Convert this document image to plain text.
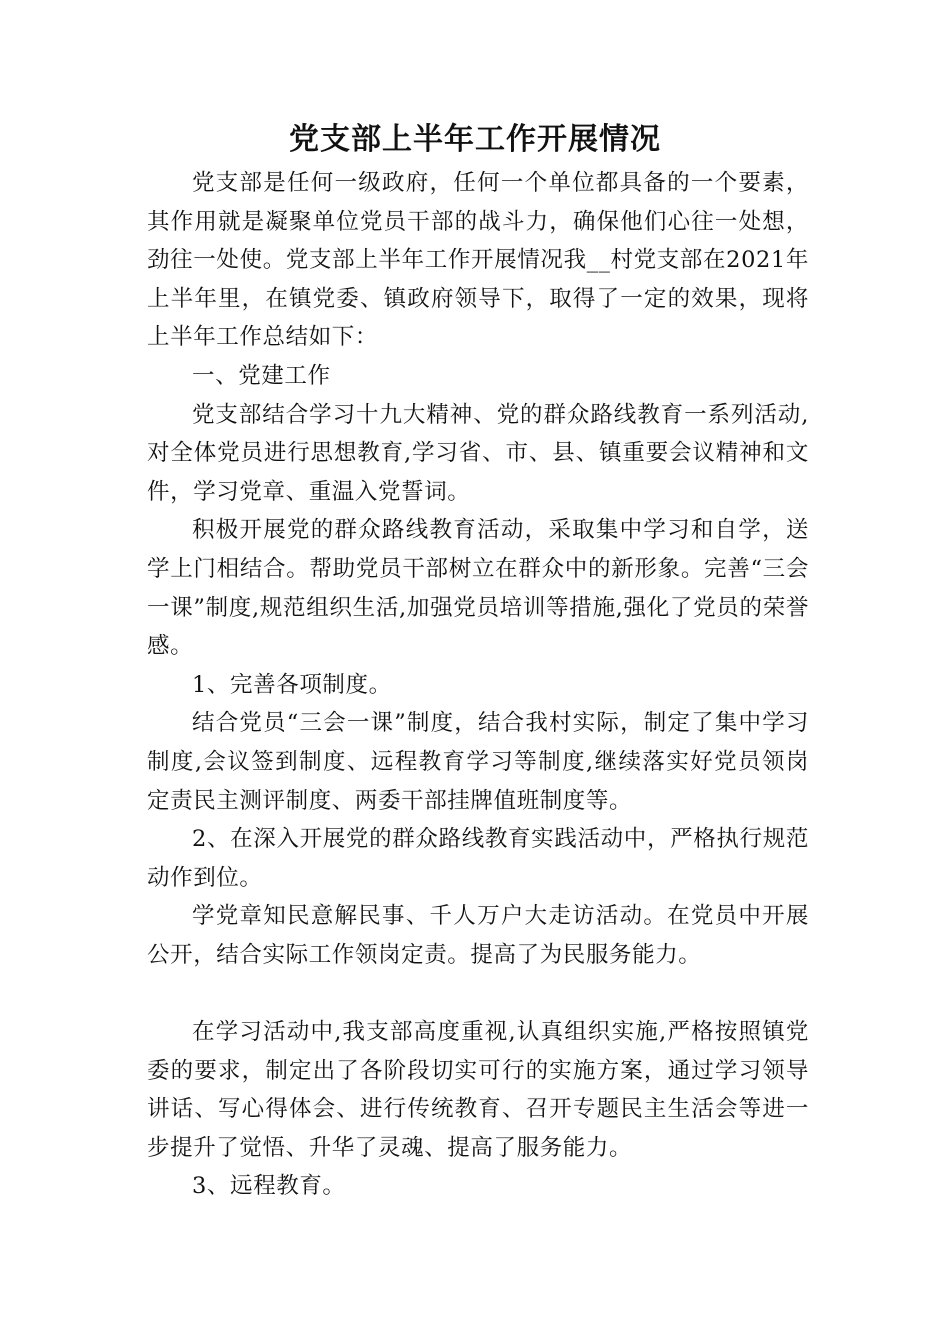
党支部上半年工作开展情况

党支部是任何一级政府，任何一个单位都具备的一个要素，其作用就是凝聚单位党员干部的战斗力，确保他们心往一处想，劲往一处使。党支部上半年工作开展情况我__村党支部在2021年上半年里，在镇党委、镇政府领导下，取得了一定的效果，现将上半年工作总结如下：

一、党建工作

党支部结合学习十九大精神、党的群众路线教育一系列活动,对全体党员进行思想教育,学习省、市、县、镇重要会议精神和文件，学习党章、重温入党誓词。

积极开展党的群众路线教育活动，采取集中学习和自学，送学上门相结合。帮助党员干部树立在群众中的新形象。完善“三会一课”制度,规范组织生活,加强党员培训等措施,强化了党员的荣誉感。

1、完善各项制度。

结合党员“三会一课”制度，结合我村实际，制定了集中学习制度,会议签到制度、远程教育学习等制度,继续落实好党员领岗定责民主测评制度、两委干部挂牌值班制度等。

2、在深入开展党的群众路线教育实践活动中，严格执行规范动作到位。

学党章知民意解民事、千人万户大走访活动。在党员中开展公开，结合实际工作领岗定责。提高了为民服务能力。

在学习活动中,我支部高度重视,认真组织实施,严格按照镇党委的要求，制定出了各阶段切实可行的实施方案，通过学习领导讲话、写心得体会、进行传统教育、召开专题民主生活会等进一步提升了觉悟、升华了灵魂、提高了服务能力。

3、远程教育。
